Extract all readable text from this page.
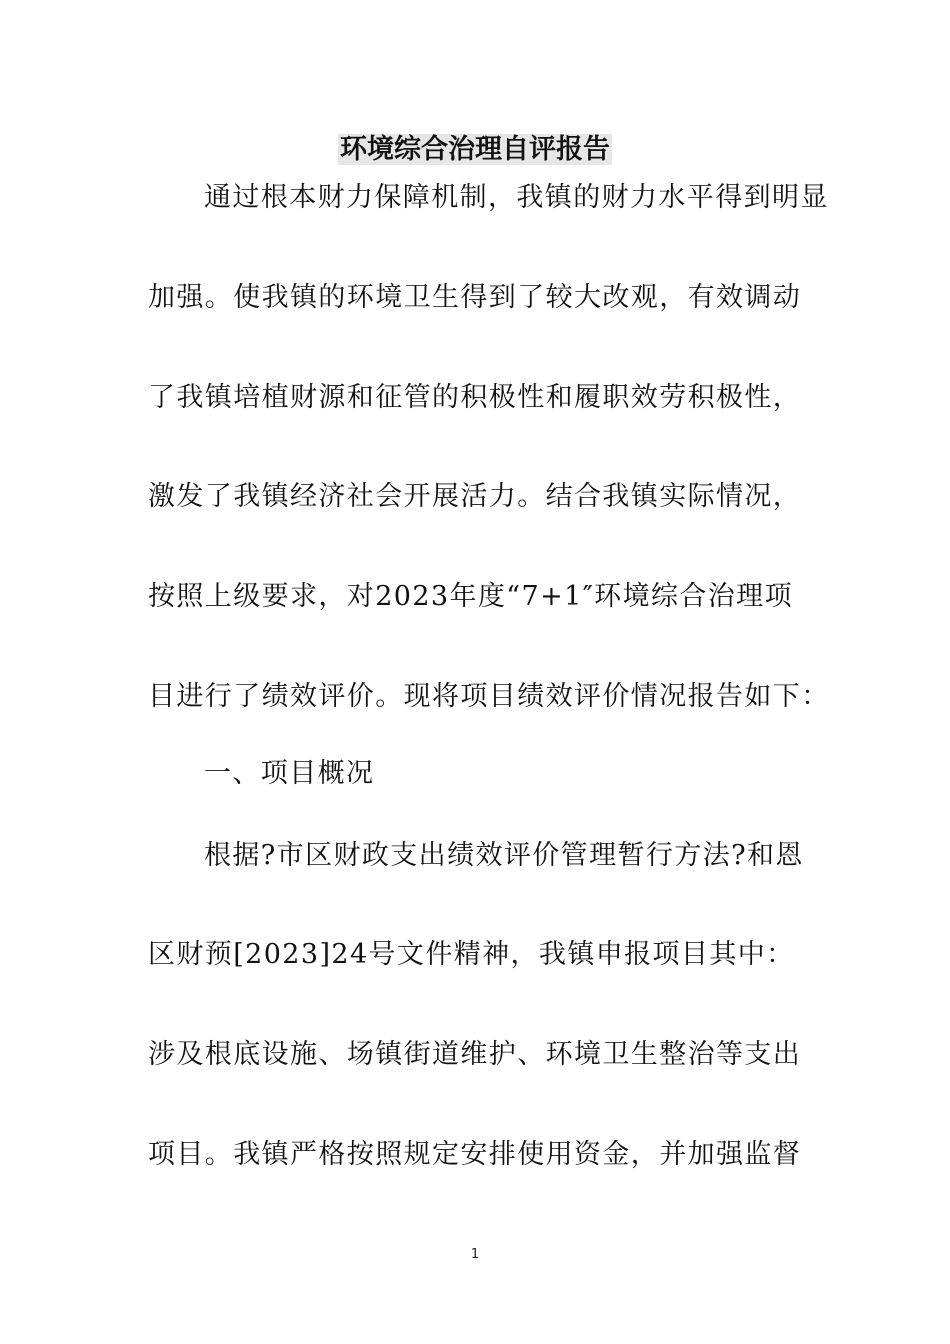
环境综合治理自评报告
通过根本财力保障机制，我镇的财力水平得到明显
加强。使我镇的环境卫生得到了较大改观，有效调动
了我镇培植财源和征管的积极性和履职效劳积极性，
激发了我镇经济社会开展活力。结合我镇实际情况，
按照上级要求，对2023年度“7+1″环境综合治理项
目进行了绩效评价。现将项目绩效评价情况报告如下：
一、项目概况
根据?市区财政支出绩效评价管理暂行方法?和恩
区财预[2023]24号文件精神，我镇申报项目其中：
涉及根底设施、场镇街道维护、环境卫生整治等支出
项目。我镇严格按照规定安排使用资金，并加强监督
1
